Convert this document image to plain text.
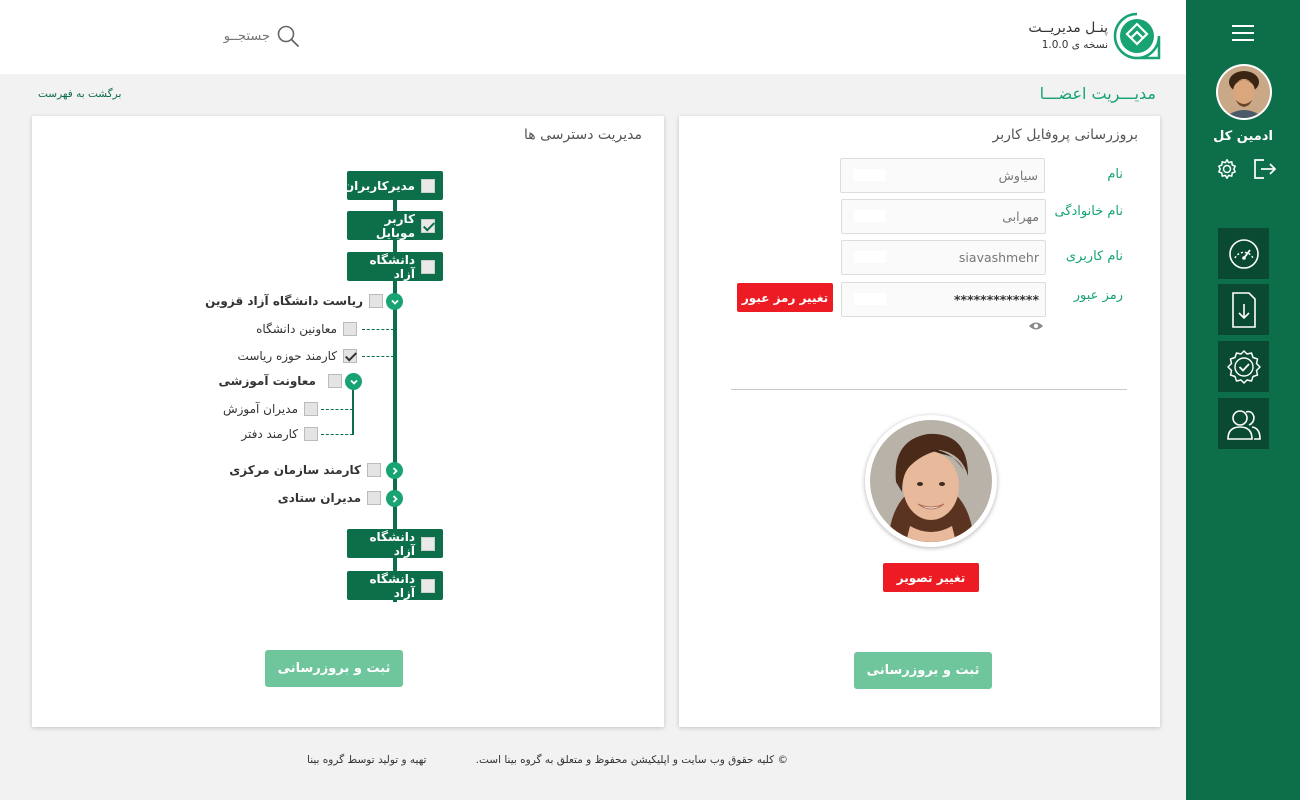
جستجــو
پنـل مدیریــت
نسخه ی 1.0.0
ادمین کل
مدیـــریت اعضـــا
برگشت به فهرست
مدیریت دسترسی ها
مدیرکاربران
کاربر موبایل
دانشگاه آزاد
ریاست دانشگاه آزاد قزوین
معاونین دانشگاه
کارمند حوزه ریاست
معاونت آموزشی
مدیران آموزش
کارمند دفتر
کارمند سازمان مرکزی
مدیران ستادی
دانشگاه آزاد
دانشگاه آزاد
ثبت و بروزرسانی
بروزرسانی پروفایل کاربر
نام
سیاوش
نام خانوادگی
مهرابی
نام کاربری
siavashmehr
رمز عبور
*************
تغییر رمز عبور
تغییر تصویر
ثبت و بروزرسانی
© کلیه حقوق وب سایت و اپلیکیشن محفوظ و متعلق به گروه بینا است.
تهیه و تولید توسط گروه بینا
